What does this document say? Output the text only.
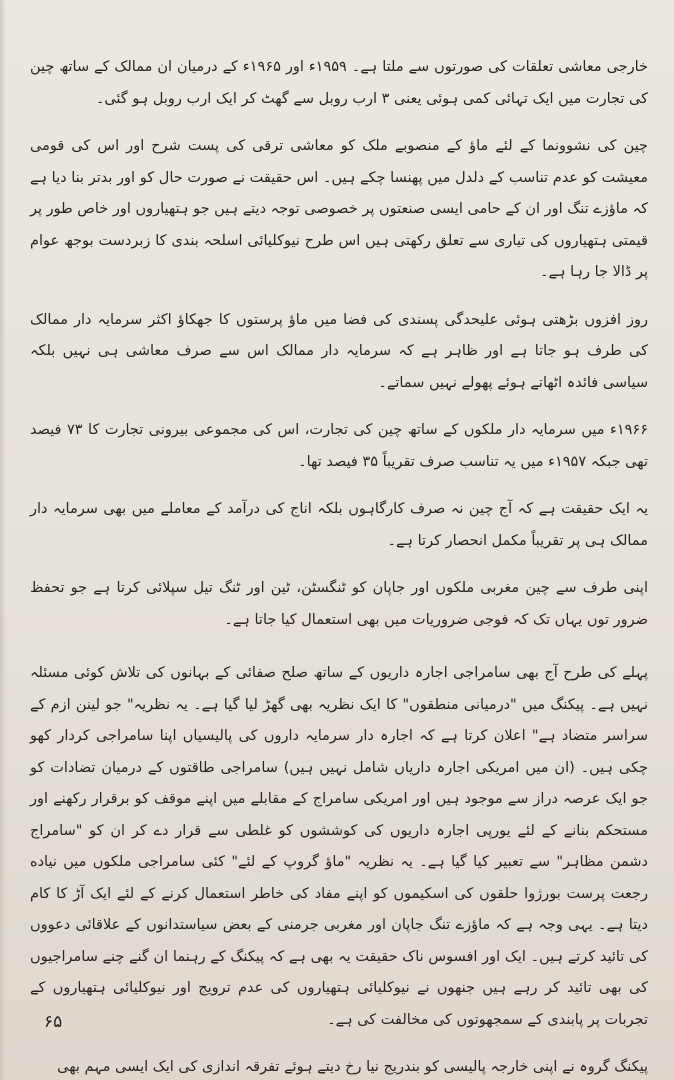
خارجی معاشی تعلقات کی صورتوں سے ملتا ہے۔ ۱۹۵۹ء اور ۱۹۶۵ء کے درمیان ان ممالک کے ساتھ چین کی تجارت میں ایک تہائی کمی ہوئی یعنی ۳ ارب روبل سے گھٹ کر ایک ارب روبل ہو گئی۔

چین کی نشوونما کے لئے ماؤ کے منصوبے ملک کو معاشی ترقی کی پست شرح اور اس کی قومی معیشت کو عدم تناسب کے دلدل میں پھنسا چکے ہیں۔ اس حقیقت نے صورت حال کو اور بدتر بنا دیا ہے کہ ماؤزے تنگ اور ان کے حامی ایسی صنعتوں پر خصوصی توجہ دیتے ہیں جو ہتھیاروں اور خاص طور پر قیمتی ہتھیاروں کی تیاری سے تعلق رکھتی ہیں اس طرح نیوکلیائی اسلحہ بندی کا زبردست بوجھ عوام پر ڈالا جا رہا ہے۔

روز افزوں بڑھتی ہوئی علیحدگی پسندی کی فضا میں ماؤ پرستوں کا جھکاؤ اکثر سرمایہ دار ممالک کی طرف ہو جاتا ہے اور ظاہر ہے کہ سرمایہ دار ممالک اس سے صرف معاشی ہی نہیں بلکہ سیاسی فائدہ اٹھاتے ہوئے پھولے نہیں سماتے۔

۱۹۶۶ء میں سرمایہ دار ملکوں کے ساتھ چین کی تجارت، اس کی مجموعی بیرونی تجارت کا ۷۳ فیصد تھی جبکہ ۱۹۵۷ء میں یہ تناسب صرف تقریباً ۳۵ فیصد تھا۔

یہ ایک حقیقت ہے کہ آج چین نہ صرف کارگاہوں بلکہ اناج کی درآمد کے معاملے میں بھی سرمایہ دار ممالک ہی پر تقریباً مکمل انحصار کرتا ہے۔

اپنی طرف سے چین مغربی ملکوں اور جاپان کو ٹنگسٹن، ٹین اور ٹنگ تیل سپلائی کرتا ہے جو تحفظ ضرور توں یہاں تک کہ فوجی ضروریات میں بھی استعمال کیا جاتا ہے۔

پہلے کی طرح آج بھی سامراجی اجارہ داریوں کے ساتھ صلح صفائی کے بہانوں کی تلاش کوئی مسئلہ نہیں ہے۔ پیکنگ میں "درمیانی منطقوں" کا ایک نظریہ بھی گھڑ لیا گیا ہے۔ یہ نظریہ" جو لینن ازم کے سراسر متضاد ہے" اعلان کرتا ہے کہ اجارہ دار سرمایہ داروں کی پالیسیاں اپنا سامراجی کردار کھو چکی ہیں۔ (ان میں امریکی اجارہ داریاں شامل نہیں ہیں) سامراجی طاقتوں کے درمیان تضادات کو جو ایک عرصہ دراز سے موجود ہیں اور امریکی سامراج کے مقابلے میں اپنے موقف کو برقرار رکھنے اور مستحکم بنانے کے لئے یورپی اجارہ داریوں کی کوششوں کو غلطی سے قرار دے کر ان کو "سامراج دشمن مظاہر" سے تعبیر کیا گیا ہے۔ یہ نظریہ "ماؤ گروپ کے لئے" کئی سامراجی ملکوں میں نیاده رجعت پرست بورژوا حلقوں کی اسکیموں کو اپنے مفاد کی خاطر استعمال کرنے کے لئے ایک آڑ کا کام دیتا ہے۔ یہی وجہ ہے کہ ماؤزے تنگ جاپان اور مغربی جرمنی کے بعض سیاستدانوں کے علاقائی دعووں کی تائید کرتے ہیں۔ ایک اور افسوس ناک حقیقت یہ بھی ہے کہ پیکنگ کے رہنما ان گنے چنے سامراجیوں کی بھی تائید کر رہے ہیں جنھوں نے نیوکلیائی ہتھیاروں کی عدم ترویج اور نیوکلیائی ہتھیاروں کے تجربات پر پابندی کے سمجھوتوں کی مخالفت کی ہے۔

پیکنگ گروہ نے اپنی خارجہ پالیسی کو بندریج نیا رخ دیتے ہوئے تفرقہ اندازی کی ایک ایسی مہم بھی

۶۵
